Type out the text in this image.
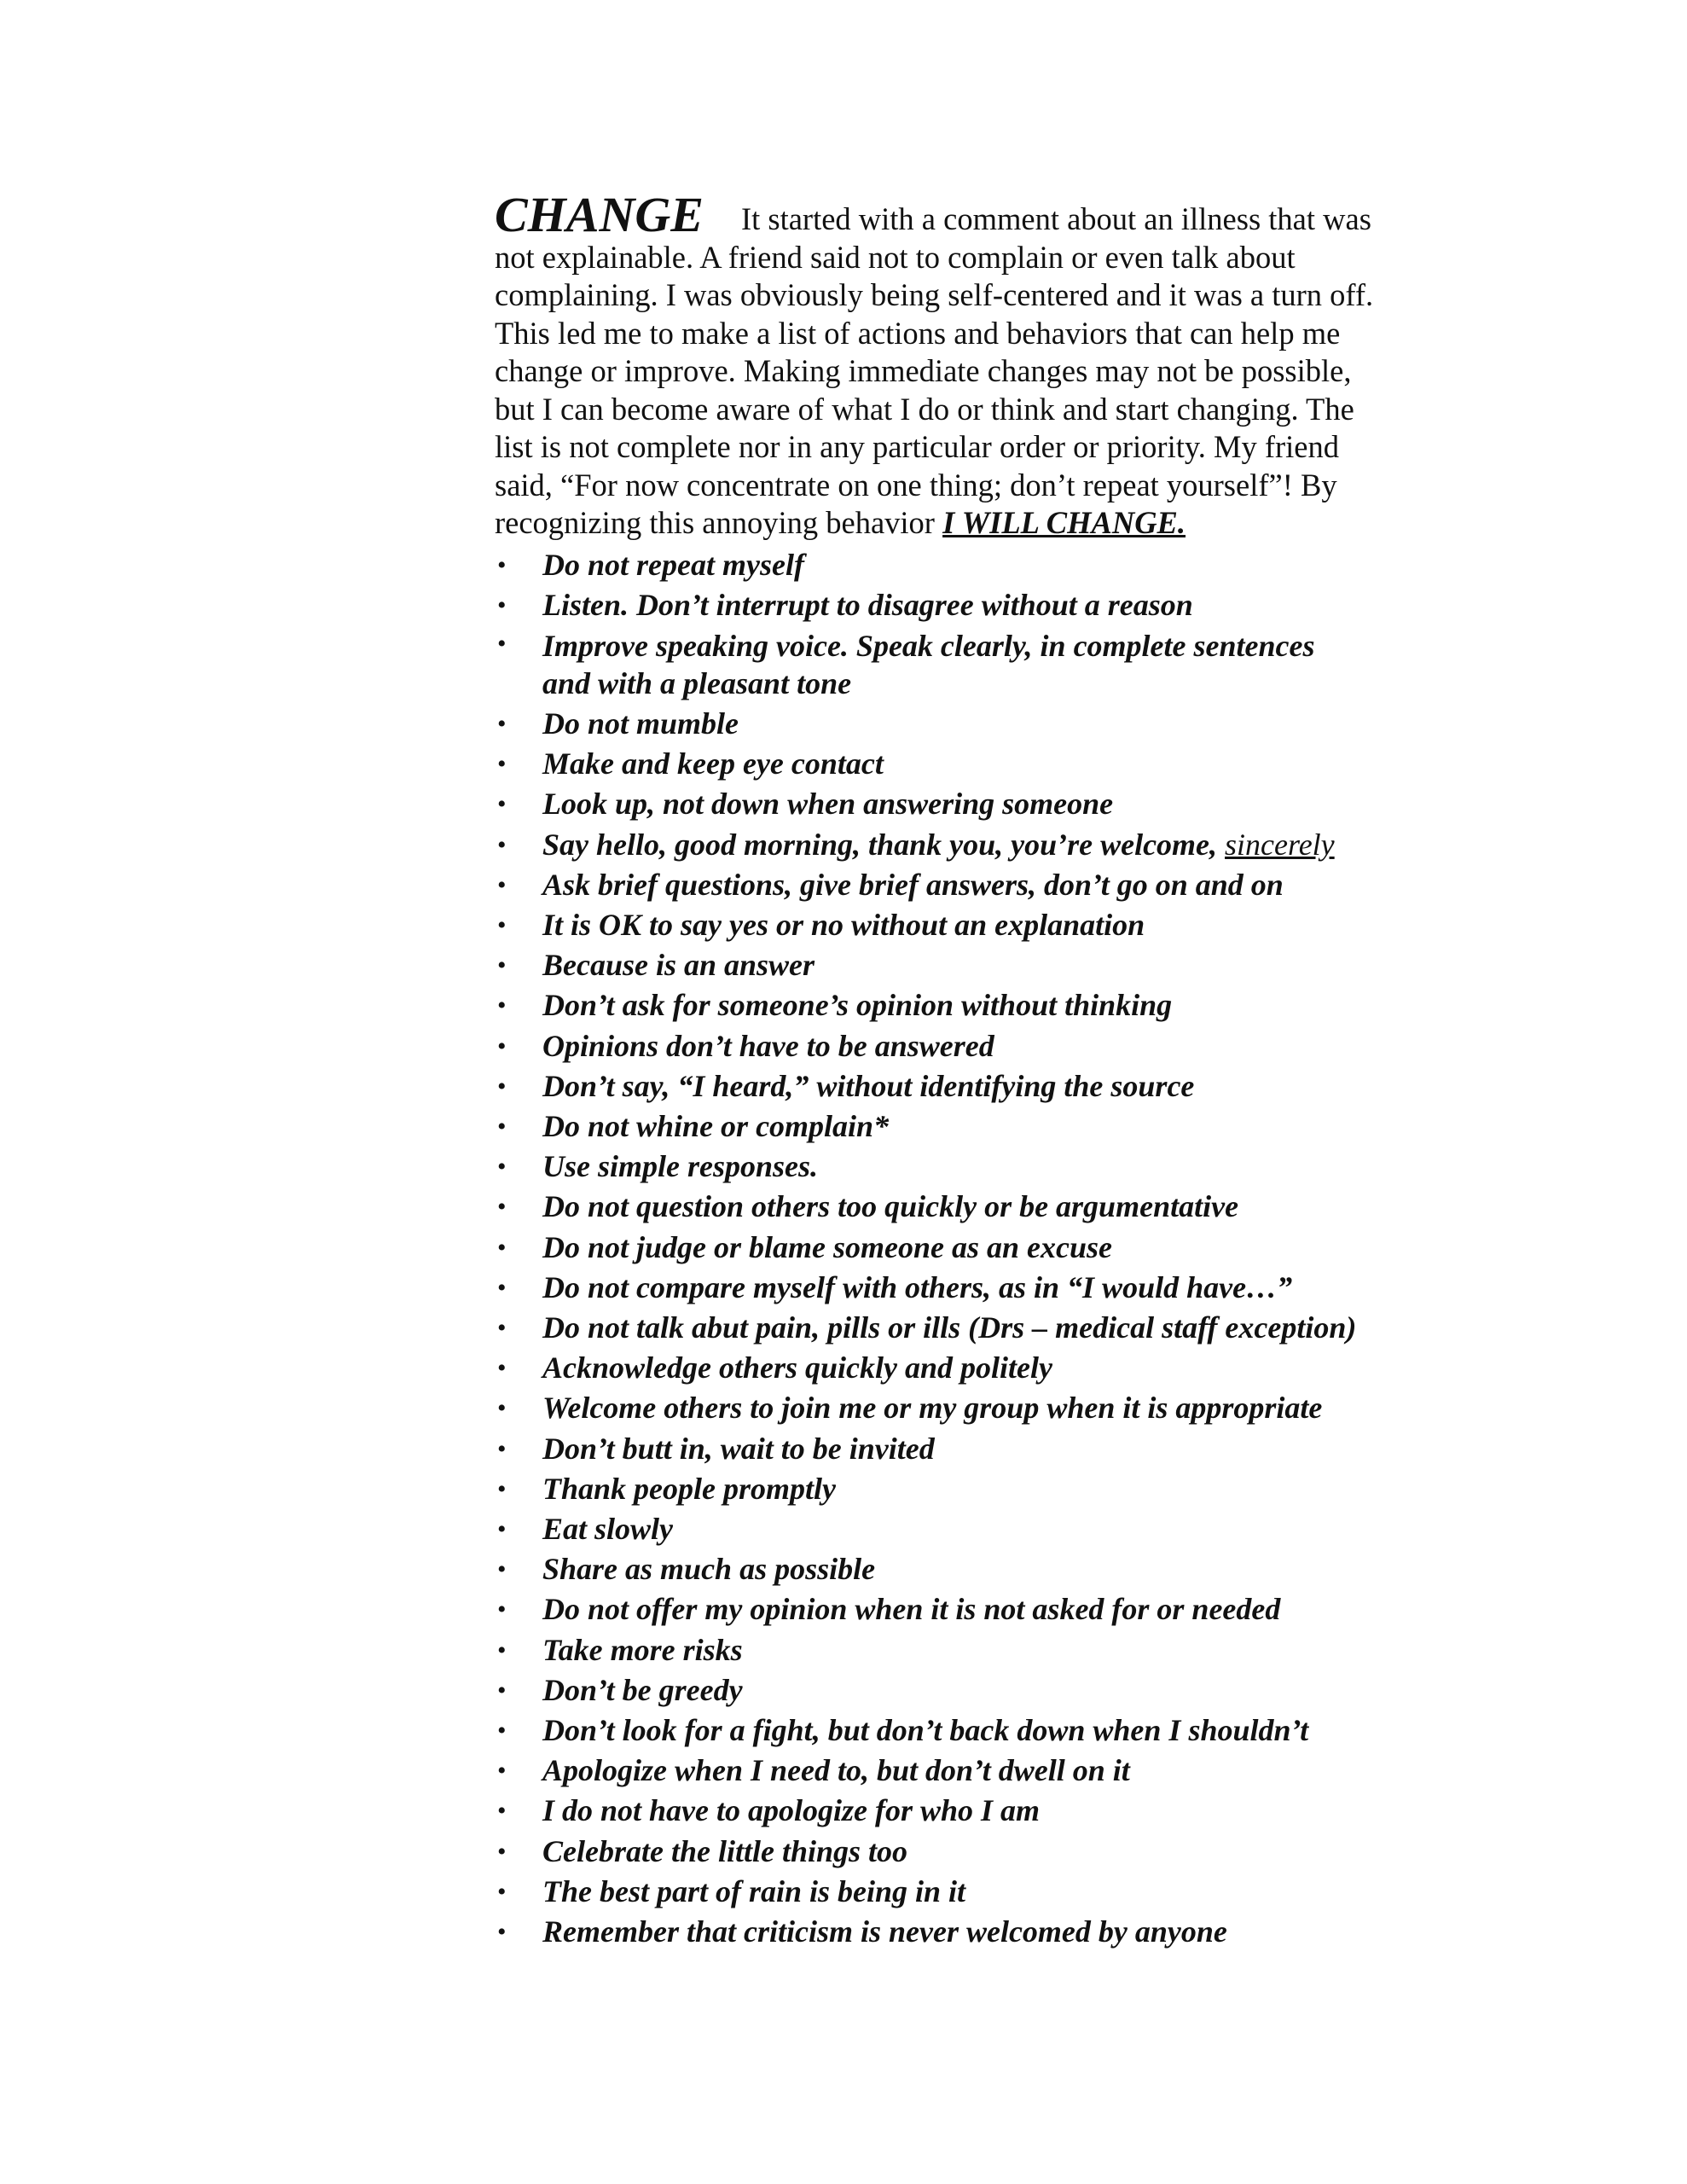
CHANGE It started with a comment about an illness that was
not explainable. A friend said not to complain or even talk about
complaining. I was obviously being self-centered and it was a turn off.
This led me to make a list of actions and behaviors that can help me
change or improve. Making immediate changes may not be possible,
but I can become aware of what I do or think and start changing. The
list is not complete nor in any particular order or priority. My friend
said, “For now concentrate on one thing; don’t repeat yourself”! By
recognizing this annoying behavior I WILL CHANGE.

• Do not repeat myself
• Listen. Don’t interrupt to disagree without a reason
• Improve speaking voice. Speak clearly, in complete sentences
and with a pleasant tone
• Do not mumble
• Make and keep eye contact
• Look up, not down when answering someone
• Say hello, good morning, thank you, you’re welcome, sincerely
• Ask brief questions, give brief answers, don’t go on and on
• It is OK to say yes or no without an explanation
• Because is an answer
• Don’t ask for someone’s opinion without thinking
• Opinions don’t have to be answered
• Don’t say, “I heard,” without identifying the source
• Do not whine or complain*
• Use simple responses.
• Do not question others too quickly or be argumentative
• Do not judge or blame someone as an excuse
• Do not compare myself with others, as in “I would have…”
• Do not talk abut pain, pills or ills (Drs – medical staff exception)
• Acknowledge others quickly and politely
• Welcome others to join me or my group when it is appropriate
• Don’t butt in, wait to be invited
• Thank people promptly
• Eat slowly
• Share as much as possible
• Do not offer my opinion when it is not asked for or needed
• Take more risks
• Don’t be greedy
• Don’t look for a fight, but don’t back down when I shouldn’t
• Apologize when I need to, but don’t dwell on it
• I do not have to apologize for who I am
• Celebrate the little things too
• The best part of rain is being in it
• Remember that criticism is never welcomed by anyone
